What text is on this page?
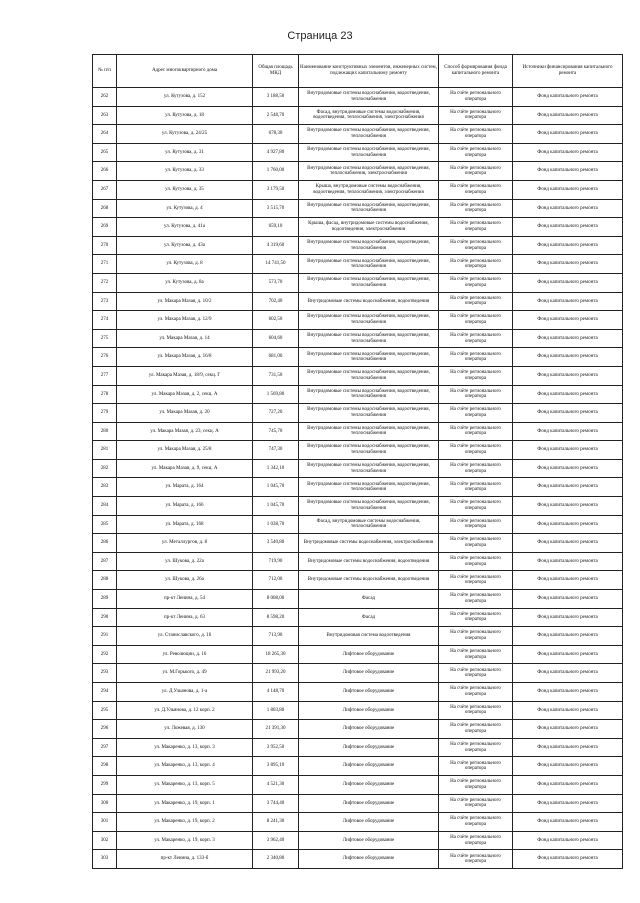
Страница 23
№ п/п	Адрес многоквартирного дома	Общая площадь МКД	Наименование конструктивных элементов, инженерных систем, подлежащих капитальному ремонту	Способ формирования фонда капитального ремонта	Источники финансирования капитального ремонта
262	ул. Кутузова, д. 152	3 188,50	Внутридомовые системы водоснабжения, водоотведения, теплоснабжения	На счёте регионального оператора	Фонд капитального ремонта
263	ул. Кутузова, д. 18	2 548,70	Фасад, внутридомовые системы водоснабжения, водоотведения, теплоснабжения, электроснабжения	На счёте регионального оператора	Фонд капитального ремонта
264	ул. Кутузова, д. 24/25	678,30	Внутридомовые системы водоснабжения, водоотведения, теплоснабжения	На счёте регионального оператора	Фонд капитального ремонта
265	ул. Кутузова, д. 31	4 927,80	Внутридомовые системы водоснабжения, водоотведения, теплоснабжения	На счёте регионального оператора	Фонд капитального ремонта
266	ул. Кутузова, д. 33	1 760,00	Внутридомовые системы водоснабжения, водоотведения, теплоснабжения, электроснабжения	На счёте регионального оператора	Фонд капитального ремонта
267	ул. Кутузова, д. 35	3 179,50	Крыша, внутридомовые системы водоснабжения, водоотведения, теплоснабжения, электроснабжения	На счёте регионального оператора	Фонд капитального ремонта
268	ул. Кутузова, д. 4	3 515,70	Внутридомовые системы водоснабжения, водоотведения, теплоснабжения	На счёте регионального оператора	Фонд капитального ремонта
269	ул. Кутузова, д. 41а	659,10	Крыша, фасад, внутридомовые системы водоснабжения, водоотведения, электроснабжения	На счёте регионального оператора	Фонд капитального ремонта
270	ул. Кутузова, д. 43а	4 319,60	Внутридомовые системы водоснабжения, водоотведения, теплоснабжения	На счёте регионального оператора	Фонд капитального ремонта
271	ул. Кутузова, д. 8	14 741,50	Внутридомовые системы водоснабжения, водоотведения, теплоснабжения	На счёте регионального оператора	Фонд капитального ремонта
272	ул. Кутузова, д. 8а	573,70	Внутридомовые системы водоснабжения, водоотведения, теплоснабжения	На счёте регионального оператора	Фонд капитального ремонта
273	ул. Макара Мазая, д. 10/2	702,40	Внутридомовые системы водоснабжения, водоотведения	На счёте регионального оператора	Фонд капитального ремонта
274	ул. Макара Мазая, д. 12/9	602,50	Внутридомовые системы водоснабжения, водоотведения, теплоснабжения	На счёте регионального оператора	Фонд капитального ремонта
275	ул. Макара Мазая, д. 14	604,60	Внутридомовые системы водоснабжения, водоотведения, теплоснабжения	На счёте регионального оператора	Фонд капитального ремонта
276	ул. Макара Мазая, д. 16/8	681,00	Внутридомовые системы водоснабжения, водоотведения, теплоснабжения	На счёте регионального оператора	Фонд капитального ремонта
277	ул. Макара Мазая, д. 18/9, секц. Г	731,50	Внутридомовые системы водоснабжения, водоотведения, теплоснабжения	На счёте регионального оператора	Фонд капитального ремонта
278	ул. Макара Мазая, д. 2, секц. А	1 569,80	Внутридомовые системы водоснабжения, водоотведения, теплоснабжения	На счёте регионального оператора	Фонд капитального ремонта
279	ул. Макара Мазая, д. 20	727,20	Внутридомовые системы водоснабжения, водоотведения, теплоснабжения	На счёте регионального оператора	Фонд капитального ремонта
280	ул. Макара Мазая, д. 23, секц. А	745,70	Внутридомовые системы водоснабжения, водоотведения, теплоснабжения	На счёте регионального оператора	Фонд капитального ремонта
281	ул. Макара Мазая, д. 25/8	747,30	Внутридомовые системы водоснабжения, водоотведения, теплоснабжения	На счёте регионального оператора	Фонд капитального ремонта
282	ул. Макара Мазая, д. 9, секц. А	1 342,10	Внутридомовые системы водоснабжения, водоотведения, теплоснабжения	На счёте регионального оператора	Фонд капитального ремонта
283	ул. Марата, д. 164	1 045,70	Внутридомовые системы водоснабжения, водоотведения, теплоснабжения	На счёте регионального оператора	Фонд капитального ремонта
284	ул. Марата, д. 166	1 045,70	Внутридомовые системы водоснабжения, водоотведения, теплоснабжения	На счёте регионального оператора	Фонд капитального ремонта
285	ул. Марата, д. 168	1 038,70	Фасад, внутридомовые системы водоснабжения, теплоснабжения	На счёте регионального оператора	Фонд капитального ремонта
286	ул. Металлургов, д. 8	3 540,80	Внутридомовые системы водоснабжения, электроснабжения	На счёте регионального оператора	Фонд капитального ремонта
287	ул. Шукова, д. 22а	719,90	Внутридомовые системы водоснабжения, водоотведения	На счёте регионального оператора	Фонд капитального ремонта
288	ул. Шукова, д. 26а	712,00	Внутридомовые системы водоснабжения, водоотведения	На счёте регионального оператора	Фонд капитального ремонта
289	пр-кт Ленина, д. 54	8 008,00	Фасад	На счёте регионального оператора	Фонд капитального ремонта
290	пр-кт Ленина, д. 63	8 598,20	Фасад	На счёте регионального оператора	Фонд капитального ремонта
291	ул. Станиславского, д. 16	713,90	Внутридомовая система водоотведения	На счёте регионального оператора	Фонд капитального ремонта
292	ул. Революции, д. 16	18 265,30	Лифтовое оборудование	На счёте регионального оператора	Фонд капитального ремонта
293	ул. М.Горького, д. 49	21 993,20	Лифтовое оборудование	На счёте регионального оператора	Фонд капитального ремонта
294	ул. Д.Ульянова, д. 1-а	4 148,70	Лифтовое оборудование	На счёте регионального оператора	Фонд капитального ремонта
295	ул. Д.Ульянова, д. 12 корп. 2	1 803,80	Лифтовое оборудование	На счёте регионального оператора	Фонд капитального ремонта
296	ул. Ложевая, д. 130	21 391,30	Лифтовое оборудование	На счёте регионального оператора	Фонд капитального ремонта
297	ул. Макаренко, д. 13, корп. 3	3 952,50	Лифтовое оборудование	На счёте регионального оператора	Фонд капитального ремонта
298	ул. Макаренко, д. 13, корп. 4	3 895,10	Лифтовое оборудование	На счёте регионального оператора	Фонд капитального ремонта
299	ул. Макаренко, д. 13, корп. 5	4 521,30	Лифтовое оборудование	На счёте регионального оператора	Фонд капитального ремонта
300	ул. Макаренко, д. 19, корп. 1	3 744,40	Лифтовое оборудование	На счёте регионального оператора	Фонд капитального ремонта
301	ул. Макаренко, д. 19, корп. 2	8 241,30	Лифтовое оборудование	На счёте регионального оператора	Фонд капитального ремонта
302	ул. Макаренко, д. 19, корп. 3	3 962,40	Лифтовое оборудование	На счёте регионального оператора	Фонд капитального ремонта
303	пр-кт Ленина, д. 133-б	2 340,80	Лифтовое оборудование	На счёте регионального оператора	Фонд капитального ремонта
